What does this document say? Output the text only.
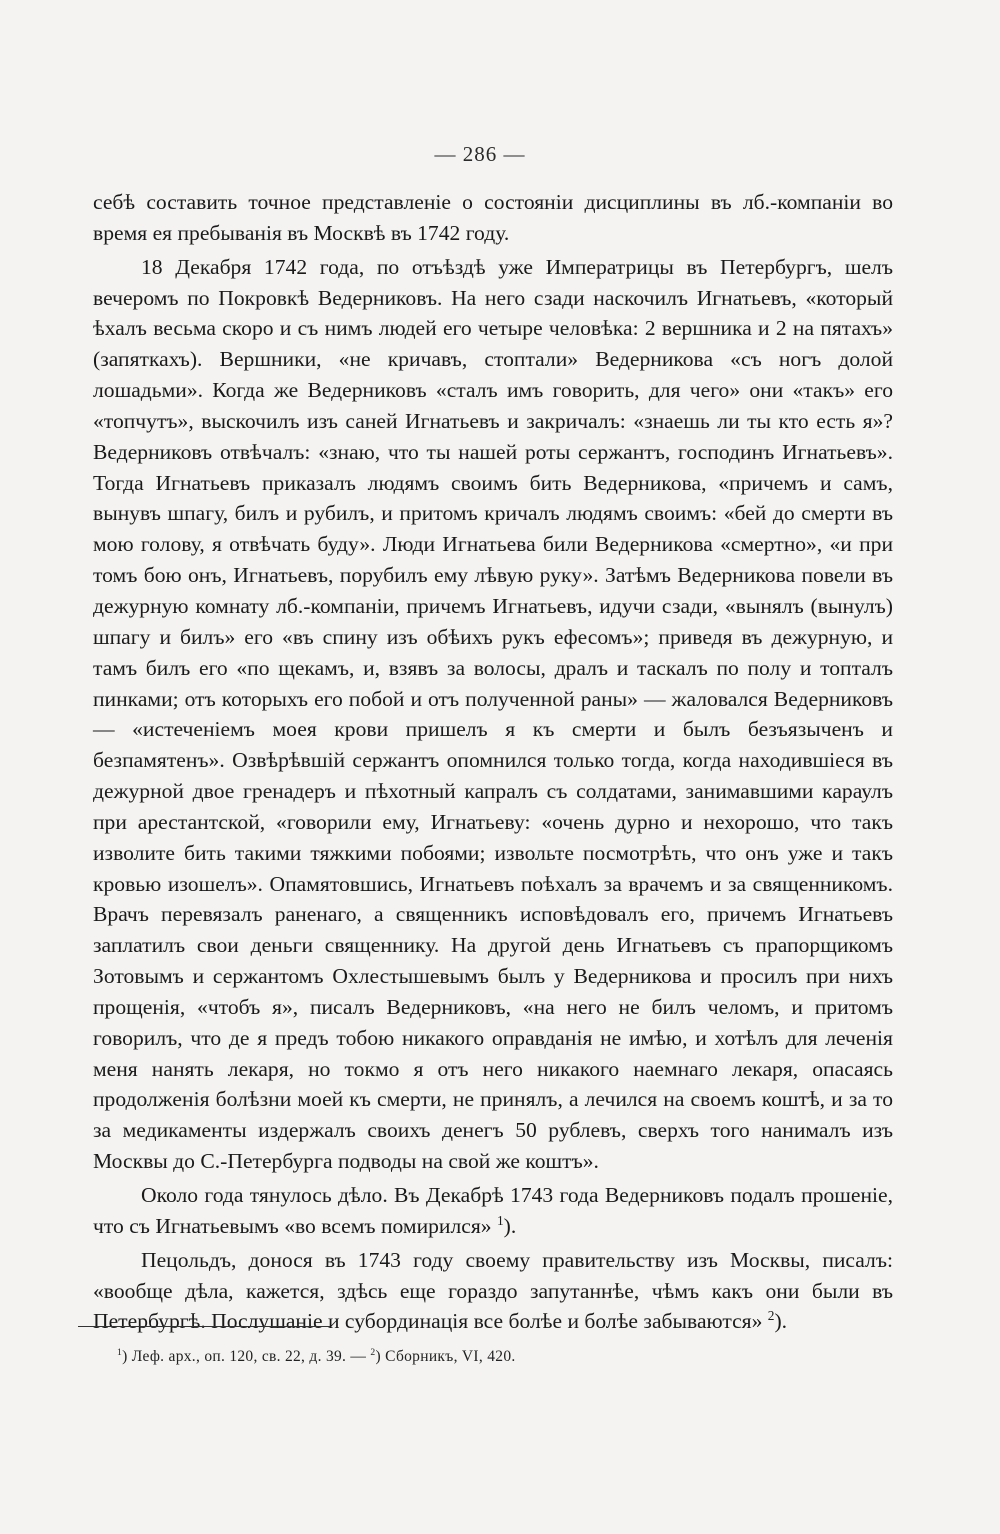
— 286 —

себѣ составить точное представленіе о состояніи дисциплины въ лб.-компаніи во время ея пребыванія въ Москвѣ въ 1742 году.

18 Декабря 1742 года, по отъѣздѣ уже Императрицы въ Петербургъ, шелъ вечеромъ по Покровкѣ Ведерниковъ. На него сзади наскочилъ Игнатьевъ, «который ѣхалъ весьма скоро и съ нимъ людей его четыре человѣка: 2 вершника и 2 на пятахъ» (запяткахъ). Вершники, «не кричавъ, стоптали» Ведерникова «съ ногъ долой лошадьми». Когда же Ведерниковъ «сталъ имъ говорить, для чего» они «такъ» его «топчутъ», выскочилъ изъ саней Игнатьевъ и закричалъ: «знаешь ли ты кто есть я»? Ведерниковъ отвѣчалъ: «знаю, что ты нашей роты сержантъ, господинъ Игнатьевъ». Тогда Игнатьевъ приказалъ людямъ своимъ бить Ведерникова, «причемъ и самъ, вынувъ шпагу, билъ и рубилъ, и притомъ кричалъ людямъ своимъ: «бей до смерти въ мою голову, я отвѣчать буду». Люди Игнатьева били Ведерникова «смертно», «и при томъ бою онъ, Игнатьевъ, порубилъ ему лѣвую руку». Затѣмъ Ведерникова повели въ дежурную комнату лб.-компаніи, причемъ Игнатьевъ, идучи сзади, «вынялъ (вынулъ) шпагу и билъ» его «въ спину изъ обѣихъ рукъ ефесомъ»; приведя въ дежурную, и тамъ билъ его «по щекамъ, и, взявъ за волосы, дралъ и таскалъ по полу и топталъ пинками; отъ которыхъ его побой и отъ полученной раны» — жаловался Ведерниковъ — «истеченіемъ моея крови пришелъ я къ смерти и былъ безъязыченъ и безпамятенъ». Озвѣрѣвшій сержантъ опомнился только тогда, когда находившіеся въ дежурной двое гренадеръ и пѣхотный капралъ съ солдатами, занимавшими караулъ при арестантской, «говорили ему, Игнатьеву: «очень дурно и нехорошо, что такъ изволите бить такими тяжкими побоями; извольте посмотрѣть, что онъ уже и такъ кровью изошелъ». Опамятовшись, Игнатьевъ поѣхалъ за врачемъ и за священникомъ. Врачъ перевязалъ раненаго, а священникъ исповѣдовалъ его, причемъ Игнатьевъ заплатилъ свои деньги священнику. На другой день Игнатьевъ съ прапорщикомъ Зотовымъ и сержантомъ Охлестышевымъ былъ у Ведерникова и просилъ при нихъ прощенія, «чтобъ я», писалъ Ведерниковъ, «на него не билъ челомъ, и притомъ говорилъ, что де я предъ тобою никакого оправданія не имѣю, и хотѣлъ для леченія меня нанять лекаря, но токмо я отъ него никакого наемнаго лекаря, опасаясь продолженія болѣзни моей къ смерти, не принялъ, а лечился на своемъ коштѣ, и за то за медикаменты издержалъ своихъ денегъ 50 рублевъ, сверхъ того нанималъ изъ Москвы до С.-Петербурга подводы на свой же коштъ».

Около года тянулось дѣло. Въ Декабрѣ 1743 года Ведерниковъ подалъ прошеніе, что съ Игнатьевымъ «во всемъ помирился» $^1$).

Пецольдъ, донося въ 1743 году своему правительству изъ Москвы, писалъ: «вообще дѣла, кажется, здѣсь еще гораздо запутаннѣе, чѣмъ какъ они были въ Петербургѣ. Послушаніе и субординація все болѣе и болѣе забываются» $^2$).

$^1$) Леф. арх., оп. 120, св. 22, д. 39. — $^2$) Сборникъ, VI, 420.
